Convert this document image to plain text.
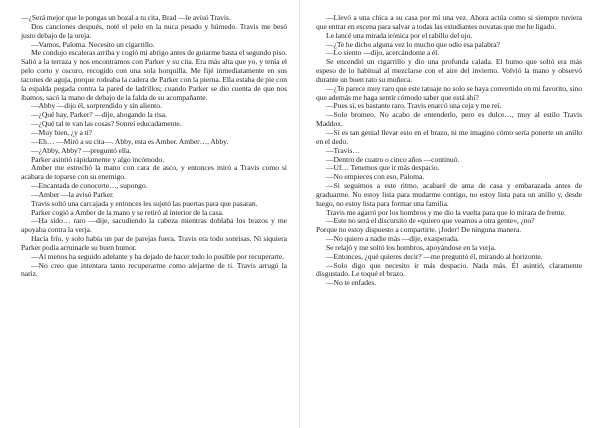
—¿Será mejor que le pongas un bozal a tu cita, Brad —le avisó Travis.

Dos canciones después, noté el pelo en la nuca pesado y húmedo. Travis me besó justo debajo de la oreja.

—Vamos, Paloma. Necesito un cigarrillo.

Me condujo escaleras arriba y cogió mi abrigo antes de guiarme hasta el segundo piso. Salió a la terraza y nos encontramos con Parker y su cita. Era más alta que yo, y tenía el pelo corto y oscuro, recogido con una sola horquilla. Me fijé inmediatamente en sus tacones de aguja, porque rodeaba la cadera de Parker con la pierna. Ella estaba de pie con la espalda pegada contra la pared de ladrillos; cuando Parker se dio cuenta de que nos íbamos, sacó la mano de debajo de la falda de su acompañante.

—Abby —dijo él, sorprendido y sin aliento.

—¿Qué hay, Parker? —dije, ahogando la risa.

—¿Qué tal te van las cosas? Sonreí educadamente.

—Muy bien, ¿y a ti?

—Eh… —Miró a su cita—. Abby, esta es Amber. Amber…, Abby.

—¿Abby, Abby? —preguntó ella.

Parker asintió rápidamente y algo incómodo.

Amber me estrechó la mano con cara de asco, y entonces miró a Travis como si acabara de toparse con su enemigo.

—Encantada de conocerte…, supongo.

—Amber —la avisó Parker.

Travis soltó una carcajada y entonces les sujetó las puertas para que pasaran.

Parker cogió a Amber de la mano y se retiró al interior de la casa.

—Ha sido… raro —dije, sacudiendo la cabeza mientras doblaba los brazos y me apoyaba contra la verja.

Hacía frío, y solo había un par de parejas fuera. Travis era todo sonrisas. Ni siquiera Parker podía arruinarle su buen humor.

—Al menos ha seguido adelante y ha dejado de hacer todo lo posible por recuperarte.

—No creo que intentara tanto recuperarme como alejarme de ti. Travis arrugó la nariz.

—Llevó a una chica a su casa por mí una vez. Ahora actúa como si siempre tuviera que entrar en escena para salvar a todas las estudiantes novatas que me he ligado.

Le lancé una mirada irónica por el rabillo del ojo.

—¿Te he dicho alguna vez lo mucho que odio esa palabra?

—Lo siento —dijo, acercándome a él.

Se encendió un cigarrillo y dio una profunda calada. El humo que soltó era más espeso de lo habitual al mezclarse con el aire del invierno. Volvió la mano y observó durante un buen rato su muñeca.

—¿Te parece muy raro que este tatuaje no solo se haya convertido en mi favorito, sino que además me haga sentir cómodo saber que está ahí?

—Pues sí, es bastante raro. Travis enarcó una ceja y me reí.

—Solo bromeo. No acabo de entenderlo, pero es dulce…, muy al estilo Travis Maddox.

—Si es tan genial llevar esto en el brazo, ni me imagino cómo sería ponerte un anillo en el dedo.

—Travis…

—Dentro de cuatro o cinco años —continuó.

—Uf… Tenemos que ir más despacio.

—No empieces con eso, Paloma.

—Si seguimos a este ritmo, acabaré de ama de casa y embarazada antes de graduarme. No estoy lista para mudarme contigo, no estoy lista para un anillo y, desde luego, no estoy lista para formar una familia.

Travis me agarró por los hombros y me dio la vuelta para que lo mirara de frente.

—Este no será el discursito de «quiero que veamos a otra gente», ¿no?

Porque no estoy dispuesto a compartirte. ¡Joder! De ninguna manera.

—No quiero a nadie más —dije, exasperada.

Se relajó y me soltó los hombros, apoyándose en la verja.

—Entonces, ¿qué quieres decir? —me preguntó él, mirando al horizonte.

—Solo digo que necesito ir más despacio. Nada más. Él asintió, claramente disgustado. Le toqué el brazo.

—No te enfades.
